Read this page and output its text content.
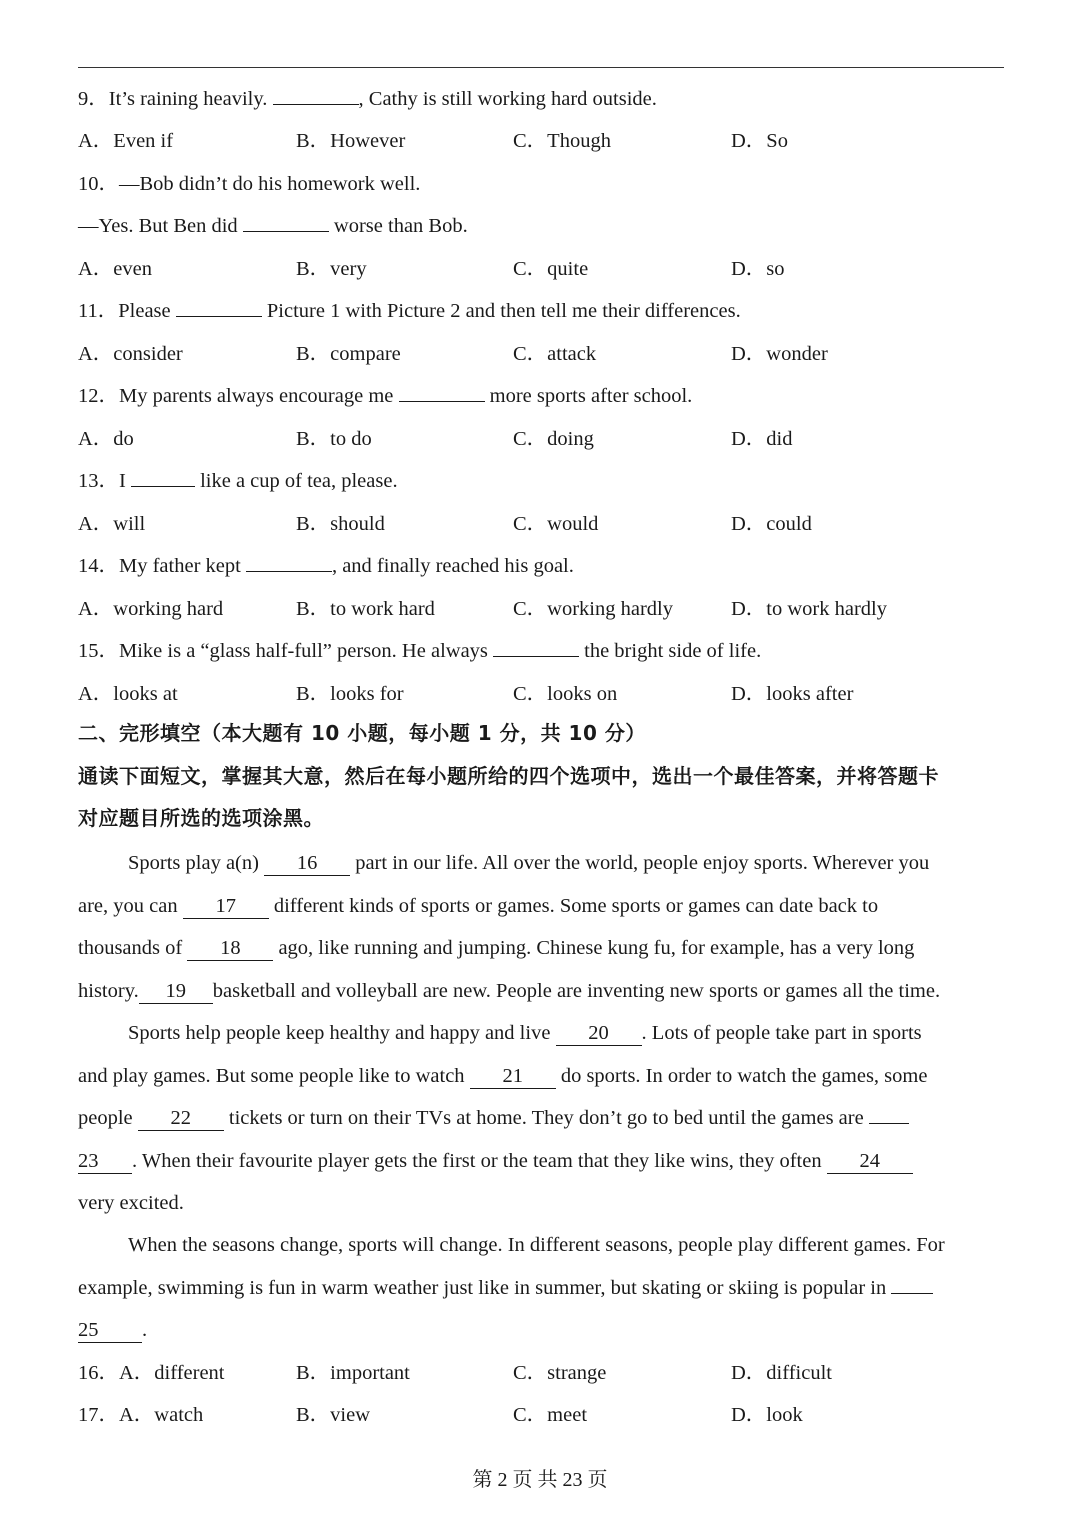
9．It’s raining heavily.	, Cathy is still working hard outside.
A．Even if	B．However	C．Though	D．So
10．—Bob didn’t do his homework well.
—Yes. But Ben did	worse than Bob.
A．even	B．very	C．quite	D．so
11．Please	Picture 1 with Picture 2 and then tell me their differences.
A．consider	B．compare	C．attack	D．wonder
12．My parents always encourage me	more sports after school.
A．do	B．to do	C．doing	D．did
13．I	like a cup of tea, please.
A．will	B．should	C．would	D．could
14．My father kept	, and finally reached his goal.
A．working hard	B．to work hard	C．working hardly	D．to work hardly
15．Mike is a “glass half-full” person. He always	the bright side of life.
A．looks at	B．looks for	C．looks on	D．looks after
二、完形填空（本大题有 10 小题，每小题 1 分，共 10 分）
通读下面短文，掌握其大意，然后在每小题所给的四个选项中，选出一个最佳答案，并将答题卡
对应题目所选的选项涂黑。
Sports play a(n) 16 part in our life. All over the world, people enjoy sports. Wherever you
are, you can 17 different kinds of sports or games. Some sports or games can date back to
thousands of 18 ago, like running and jumping. Chinese kung fu, for example, has a very long
history. 19 basketball and volleyball are new. People are inventing new sports or games all the time.
Sports help people keep healthy and happy and live 20 . Lots of people take part in sports
and play games. But some people like to watch 21 do sports. In order to watch the games, some
people 22 tickets or turn on their TVs at home. They don’t go to bed until the games are
23 . When their favourite player gets the first or the team that they like wins, they often 24
very excited.
When the seasons change, sports will change. In different seasons, people play different games. For
example, swimming is fun in warm weather just like in summer, but skating or skiing is popular in
25 .
16．A．different	B．important	C．strange	D．difficult
17．A．watch	B．view	C．meet	D．look
第 2 页 共 23 页
